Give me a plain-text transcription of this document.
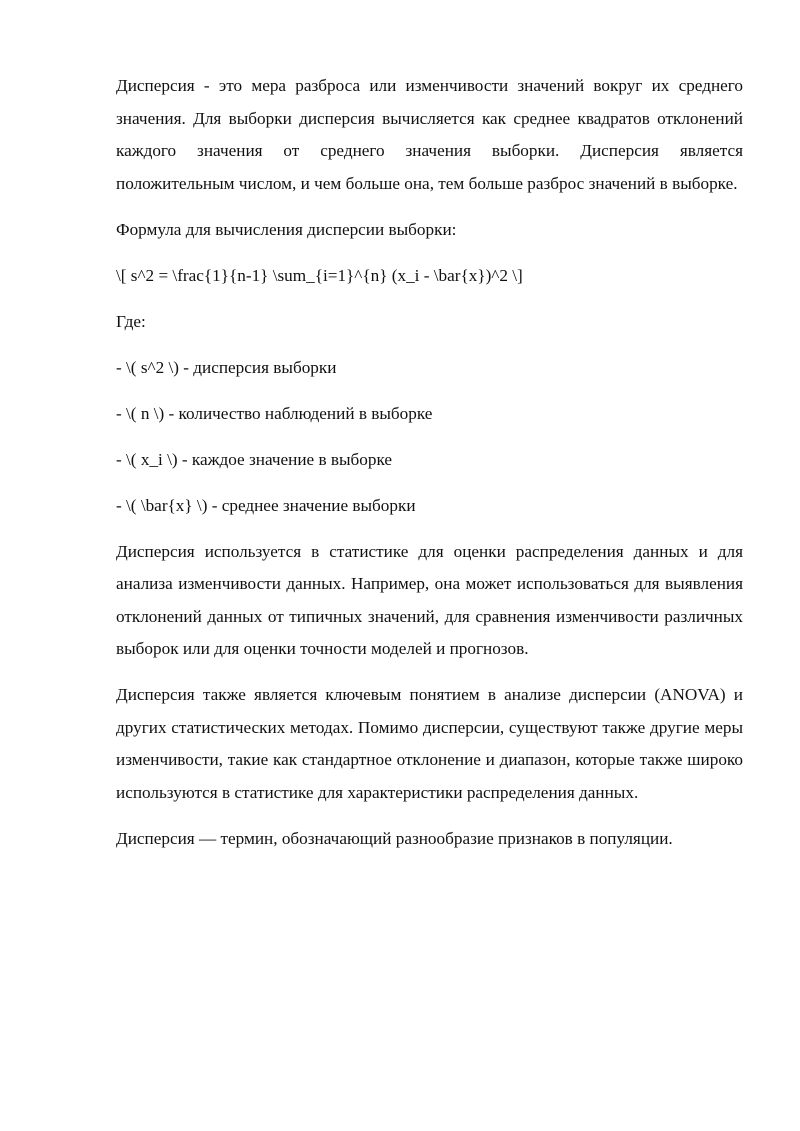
Дисперсия - это мера разброса или изменчивости значений вокруг их среднего значения. Для выборки дисперсия вычисляется как среднее квадратов отклонений каждого значения от среднего значения выборки. Дисперсия является положительным числом, и чем больше она, тем больше разброс значений в выборке.

Формула для вычисления дисперсии выборки:

\[ s^2 = \frac{1}{n-1} \sum_{i=1}^{n} (x_i - \bar{x})^2 \]

Где:

- \( s^2 \) - дисперсия выборки

- \( n \) - количество наблюдений в выборке

- \( x_i \) - каждое значение в выборке

- \( \bar{x} \) - среднее значение выборки

Дисперсия используется в статистике для оценки распределения данных и для анализа изменчивости данных. Например, она может использоваться для выявления отклонений данных от типичных значений, для сравнения изменчивости различных выборок или для оценки точности моделей и прогнозов.

Дисперсия также является ключевым понятием в анализе дисперсии (ANOVA) и других статистических методах. Помимо дисперсии, существуют также другие меры изменчивости, такие как стандартное отклонение и диапазон, которые также широко используются в статистике для характеристики распределения данных.

Дисперсия — термин, обозначающий разнообразие признаков в популяции.
